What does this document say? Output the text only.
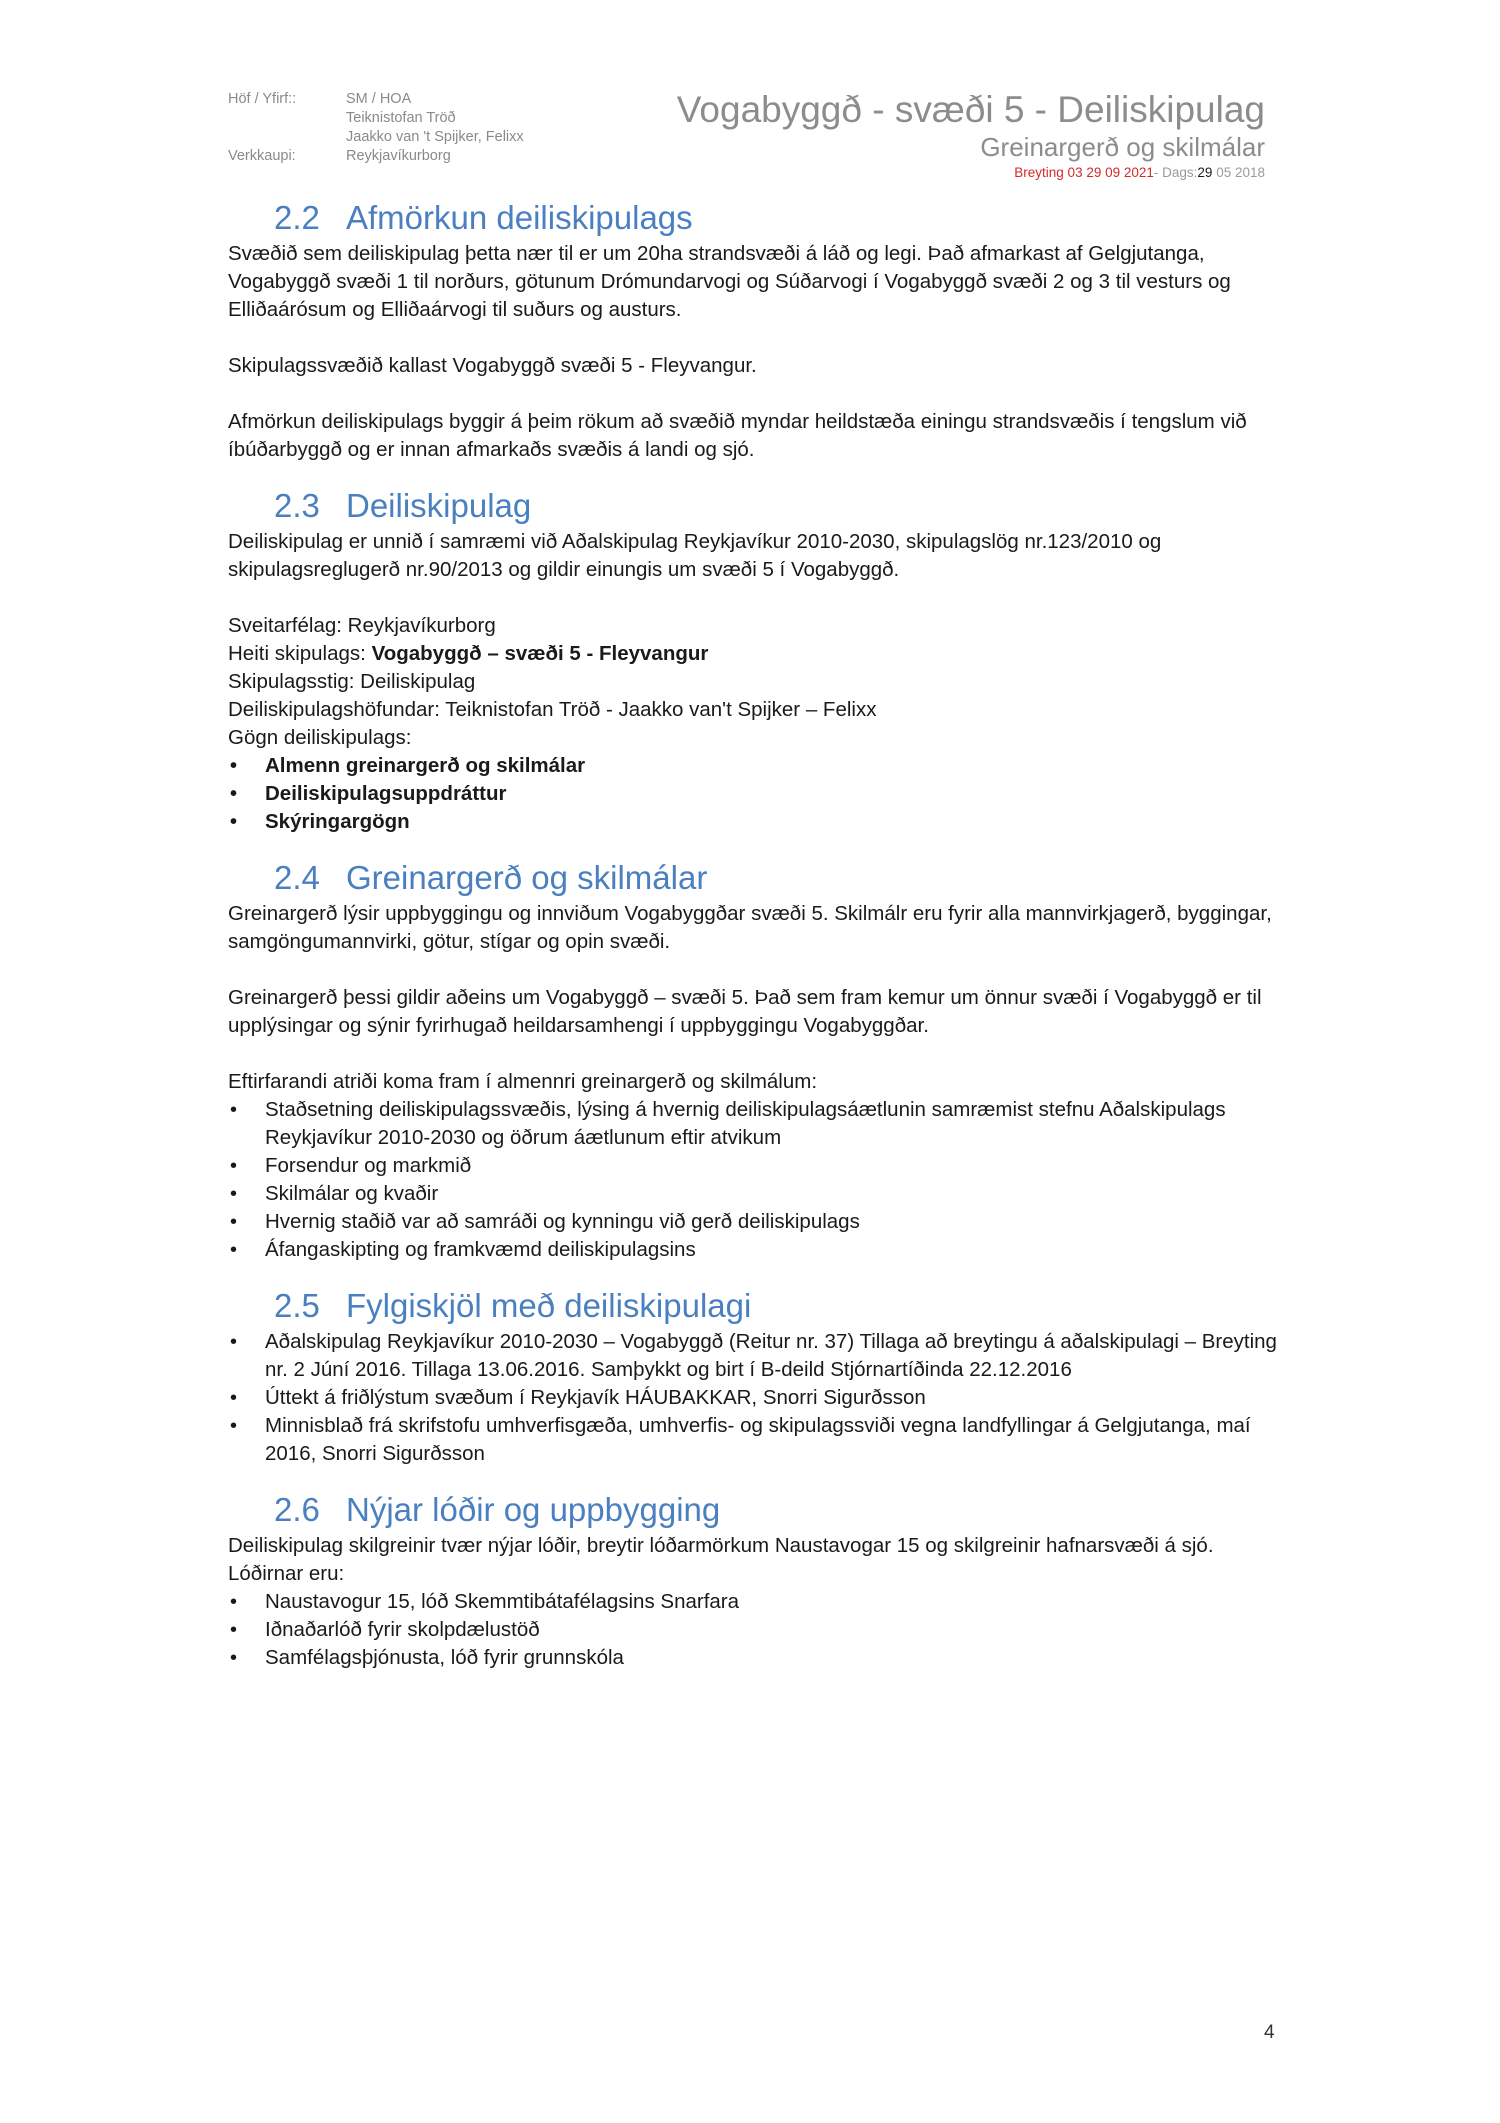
Höf / Yfirf::	SM / HOA
Teiknistofan Tröð
Jaakko van 't Spijker, Felixx
Verkkaupi:	Reykjavíkurborg
Vogabyggð - svæði 5 - Deiliskipulag
Greinargerð og skilmálar
Breyting 03 29 09 2021- Dags:29 05 2018
2.2 Afmörkun deiliskipulags

Svæðið sem deiliskipulag þetta nær til er um 20ha strandsvæði á láð og legi. Það afmarkast af Gelgjutanga, Vogabyggð svæði 1 til norðurs, götunum Drómundarvogi og Súðarvogi í Vogabyggð svæði 2 og 3 til vesturs og Elliðaárósum og Elliðaárvogi til suðurs og austurs.

Skipulagssvæðið kallast Vogabyggð svæði 5 - Fleyvangur.

Afmörkun deiliskipulags byggir á þeim rökum að svæðið myndar heildstæða einingu strandsvæðis í tengslum við íbúðarbyggð og er innan afmarkaðs svæðis á landi og sjó.

2.3 Deiliskipulag

Deiliskipulag er unnið í samræmi við Aðalskipulag Reykjavíkur 2010-2030, skipulagslög nr.123/2010 og skipulagsreglugerð nr.90/2013 og gildir einungis um svæði 5 í Vogabyggð.

Sveitarfélag: Reykjavíkurborg

Heiti skipulags: Vogabyggð – svæði 5 - Fleyvangur

Skipulagsstig: Deiliskipulag

Deiliskipulagshöfundar: Teiknistofan Tröð - Jaakko van't Spijker – Felixx

Gögn deiliskipulags:

• Almenn greinargerð og skilmálar
• Deiliskipulagsuppdráttur
• Skýringargögn
2.4 Greinargerð og skilmálar

Greinargerð lýsir uppbyggingu og innviðum Vogabyggðar svæði 5. Skilmálr eru fyrir alla mannvirkjagerð, byggingar, samgöngumannvirki, götur, stígar og opin svæði.

Greinargerð þessi gildir aðeins um Vogabyggð – svæði 5. Það sem fram kemur um önnur svæði í Vogabyggð er til upplýsingar og sýnir fyrirhugað heildarsamhengi í uppbyggingu Vogabyggðar.

Eftirfarandi atriði koma fram í almennri greinargerð og skilmálum:

• Staðsetning deiliskipulagssvæðis, lýsing á hvernig deiliskipulagsáætlunin samræmist stefnu Aðalskipulags Reykjavíkur 2010-2030 og öðrum áætlunum eftir atvikum
• Forsendur og markmið
• Skilmálar og kvaðir
• Hvernig staðið var að samráði og kynningu við gerð deiliskipulags
• Áfangaskipting og framkvæmd deiliskipulagsins
2.5 Fylgiskjöl með deiliskipulagi
• Aðalskipulag Reykjavíkur 2010-2030 – Vogabyggð (Reitur nr. 37) Tillaga að breytingu á aðalskipulagi – Breyting nr. 2 Júní 2016. Tillaga 13.06.2016. Samþykkt og birt í B-deild Stjórnartíðinda 22.12.2016
• Úttekt á friðlýstum svæðum í Reykjavík HÁUBAKKAR, Snorri Sigurðsson
• Minnisblað frá skrifstofu umhverfisgæða, umhverfis- og skipulagssviði vegna landfyllingar á Gelgjutanga, maí 2016, Snorri Sigurðsson
2.6 Nýjar lóðir og uppbygging

Deiliskipulag skilgreinir tvær nýjar lóðir, breytir lóðarmörkum Naustavogar 15 og skilgreinir hafnarsvæði á sjó. Lóðirnar eru:

• Naustavogur 15, lóð Skemmtibátafélagsins Snarfara
• Iðnaðarlóð fyrir skolpdælustöð
• Samfélagsþjónusta, lóð fyrir grunnskóla
4
